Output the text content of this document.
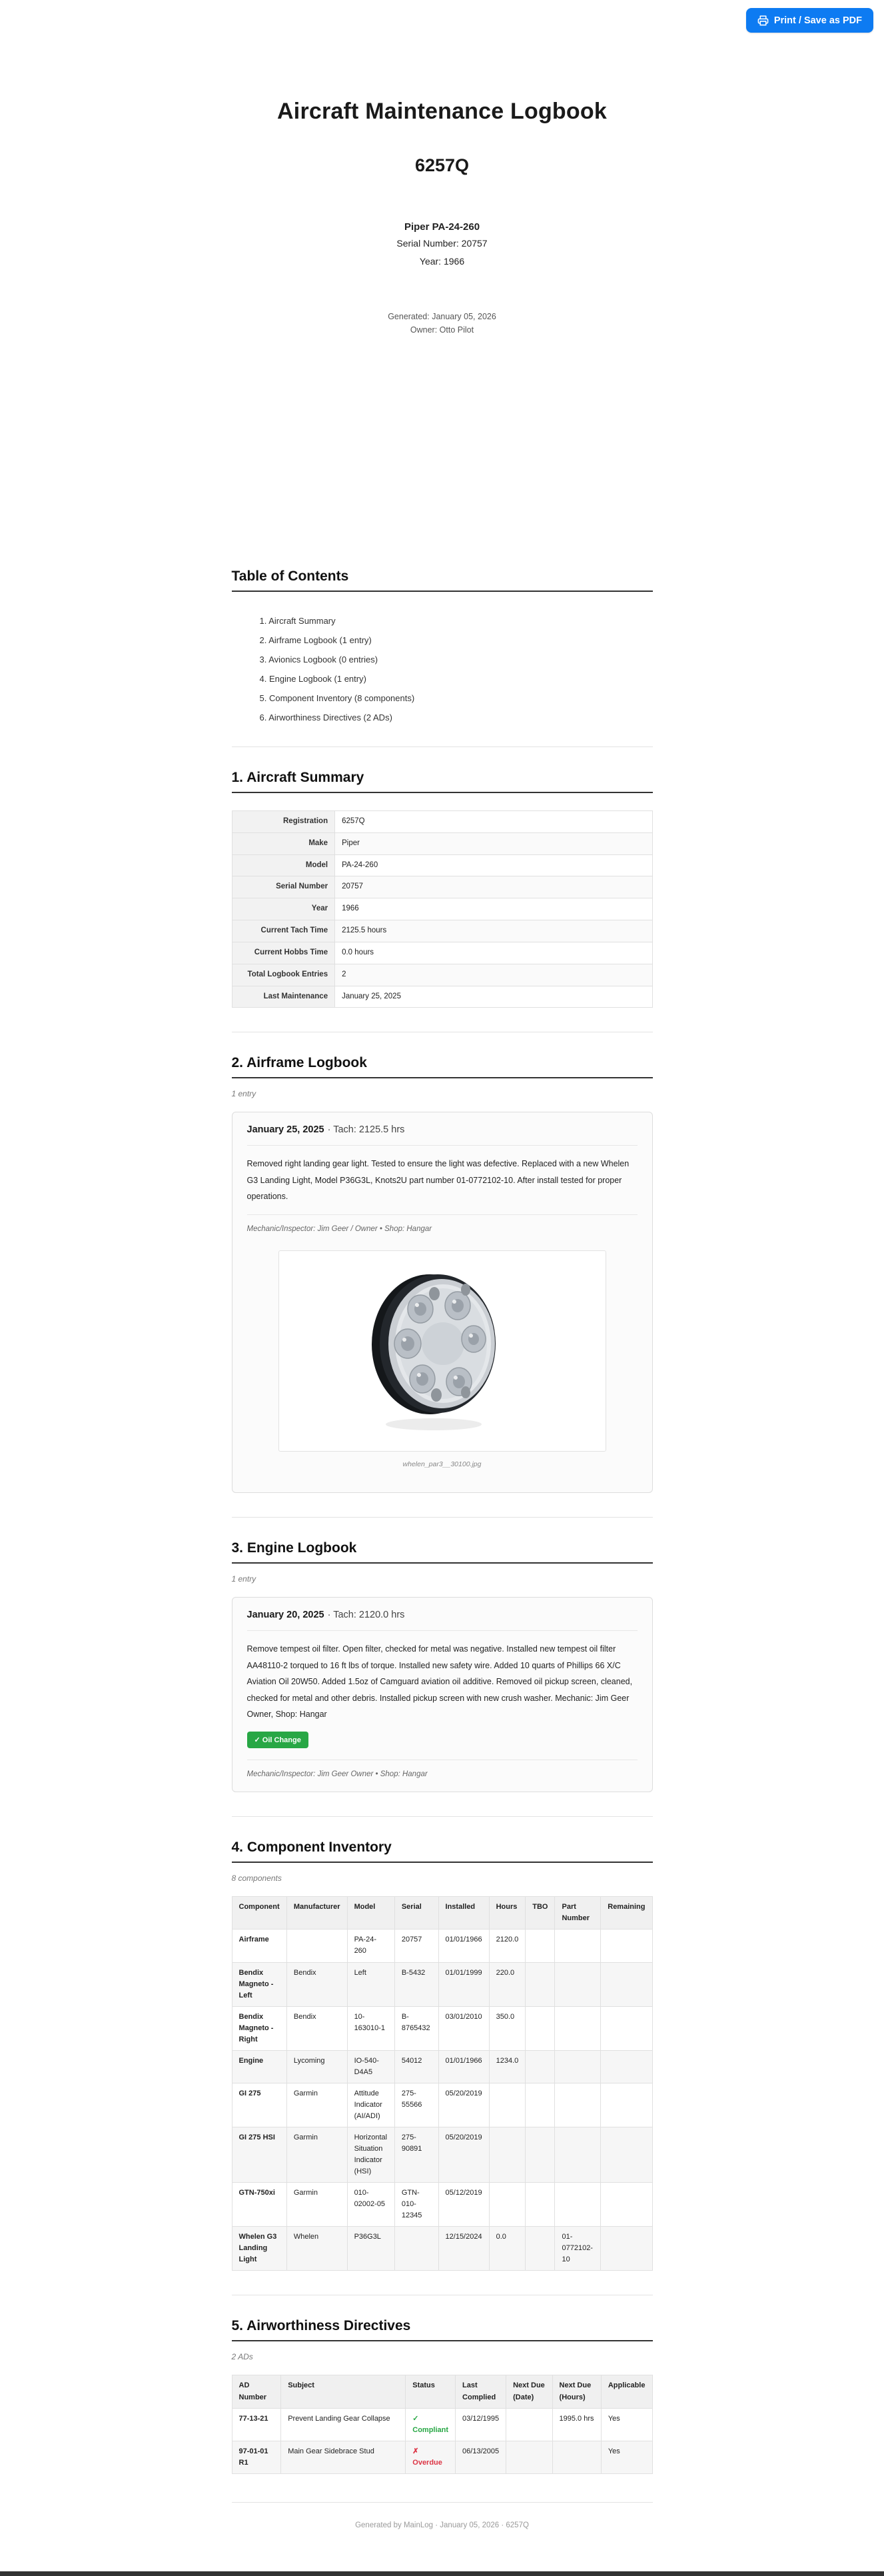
Print / Save as PDF
Aircraft Maintenance Logbook
6257Q

Piper PA-24-260

Serial Number: 20757

Year: 1966

Generated: January 05, 2026
Owner: Otto Pilot
Table of Contents
1. Aircraft Summary
2. Airframe Logbook (1 entry)
3. Avionics Logbook (0 entries)
4. Engine Logbook (1 entry)
5. Component Inventory (8 components)
6. Airworthiness Directives (2 ADs)
1. Aircraft Summary
Registration	6257Q
Make	Piper
Model	PA-24-260
Serial Number	20757
Year	1966
Current Tach Time	2125.5 hours
Current Hobbs Time	0.0 hours
Total Logbook Entries	2
Last Maintenance	January 25, 2025
2. Airframe Logbook

1 entry

January 25, 2025 · Tach: 2125.5 hrs

Removed right landing gear light. Tested to ensure the light was defective. Replaced with a new Whelen G3 Landing Light, Model P36G3L, Knots2U part number 01-0772102-10. After install tested for proper operations.

Mechanic/Inspector: Jim Geer / Owner • Shop: Hangar

whelen_par3__30100.jpg

3. Engine Logbook

1 entry

January 20, 2025 · Tach: 2120.0 hrs

Remove tempest oil filter. Open filter, checked for metal was negative. Installed new tempest oil filter AA48110-2 torqued to 16 ft lbs of torque. Installed new safety wire. Added 10 quarts of Phillips 66 X/C Aviation Oil 20W50. Added 1.5oz of Camguard aviation oil additive. Removed oil pickup screen, cleaned, checked for metal and other debris. Installed pickup screen with new crush washer. Mechanic: Jim Geer Owner, Shop: Hangar

✓ Oil Change

Mechanic/Inspector: Jim Geer Owner • Shop: Hangar

4. Component Inventory

8 components

Component	Manufacturer	Model	Serial	Installed	Hours	TBO	Part Number	Remaining
Airframe		PA-24-260	20757	01/01/1966	2120.0			
Bendix Magneto - Left	Bendix	Left	B-5432	01/01/1999	220.0			
Bendix Magneto - Right	Bendix	10-163010-1	B-8765432	03/01/2010	350.0			
Engine	Lycoming	IO-540-D4A5	54012	01/01/1966	1234.0			
GI 275	Garmin	Attitude Indicator (AI/ADI)	275-55566	05/20/2019				
GI 275 HSI	Garmin	Horizontal Situation Indicator (HSI)	275-90891	05/20/2019				
GTN-750xi	Garmin	010-02002-05	GTN-010-12345	05/12/2019				
Whelen G3 Landing Light	Whelen	P36G3L		12/15/2024	0.0		01-0772102-10	
5. Airworthiness Directives

2 ADs

AD Number	Subject	Status	Last Complied	Next Due (Date)	Next Due (Hours)	Applicable
77-13-21	Prevent Landing Gear Collapse	✓ Compliant	03/12/1995		1995.0 hrs	Yes
97-01-01 R1	Main Gear Sidebrace Stud	✗ Overdue	06/13/2005			Yes

Generated by MainLog · January 05, 2026 · 6257Q
